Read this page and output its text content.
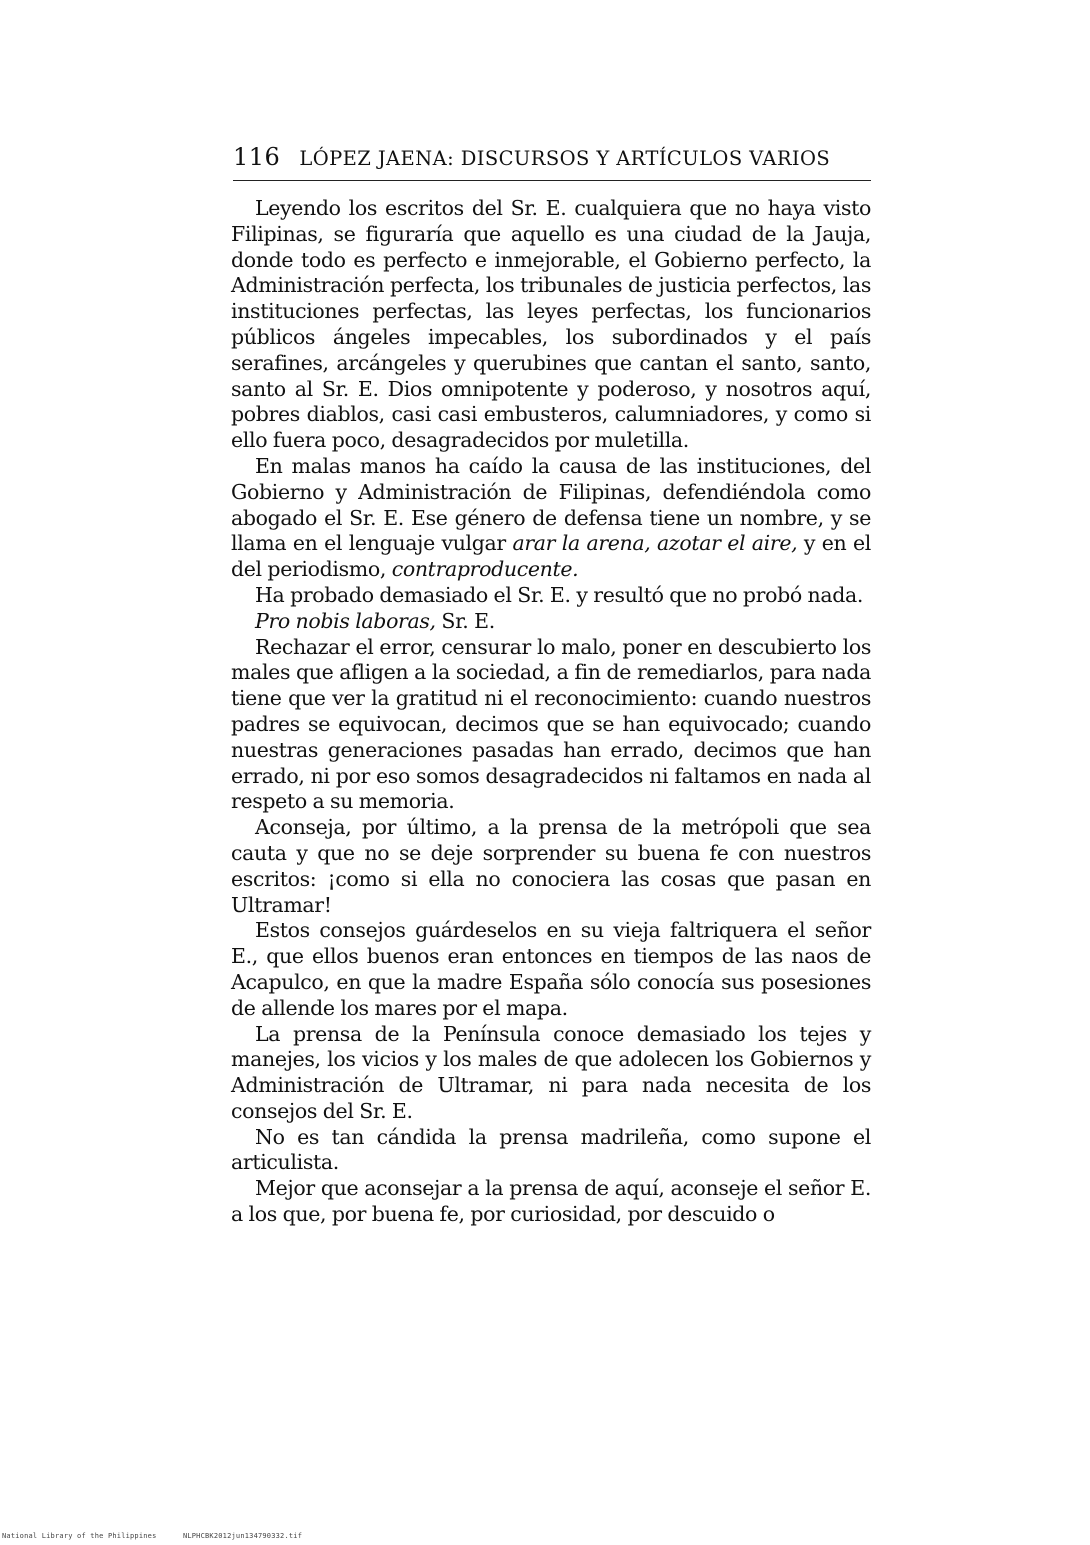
116 LÓPEZ JAENA: DISCURSOS Y ARTÍCULOS VARIOS

Leyendo los escritos del Sr. E. cualquiera que no haya visto Filipinas, se figuraría que aquello es una ciudad de la Jauja, donde todo es perfecto e inmejorable, el Gobierno perfecto, la Administración perfecta, los tribunales de justicia perfectos, las instituciones perfectas, las leyes perfectas, los funcionarios públicos ángeles impecables, los subordinados y el país serafines, arcángeles y querubines que cantan el santo, santo, santo al Sr. E. Dios omnipotente y poderoso, y nosotros aquí, pobres diablos, casi casi embusteros, calumniadores, y como si ello fuera poco, desagradecidos por muletilla.

En malas manos ha caído la causa de las instituciones, del Gobierno y Administración de Filipinas, defendiéndola como abogado el Sr. E. Ese género de defensa tiene un nombre, y se llama en el lenguaje vulgar arar la arena, azotar el aire, y en el del periodismo, contraproducente.

Ha probado demasiado el Sr. E. y resultó que no probó nada.

Pro nobis laboras, Sr. E.

Rechazar el error, censurar lo malo, poner en descubierto los males que afligen a la sociedad, a fin de remediarlos, para nada tiene que ver la gratitud ni el reconocimiento: cuando nuestros padres se equivocan, decimos que se han equivocado; cuando nuestras generaciones pasadas han errado, decimos que han errado, ni por eso somos desagradecidos ni faltamos en nada al respeto a su memoria.

Aconseja, por último, a la prensa de la metrópoli que sea cauta y que no se deje sorprender su buena fe con nuestros escritos: ¡como si ella no conociera las cosas que pasan en Ultramar!

Estos consejos guárdeselos en su vieja faltriquera el señor E., que ellos buenos eran entonces en tiempos de las naos de Acapulco, en que la madre España sólo conocía sus posesiones de allende los mares por el mapa.

La prensa de la Península conoce demasiado los tejes y manejes, los vicios y los males de que adolecen los Gobiernos y Administración de Ultramar, ni para nada necesita de los consejos del Sr. E.

No es tan cándida la prensa madrileña, como supone el articulista.

Mejor que aconsejar a la prensa de aquí, aconseje el señor E. a los que, por buena fe, por curiosidad, por descuido o

National Library of the Philippines	NLPHCBK2012jun134790332.tif
